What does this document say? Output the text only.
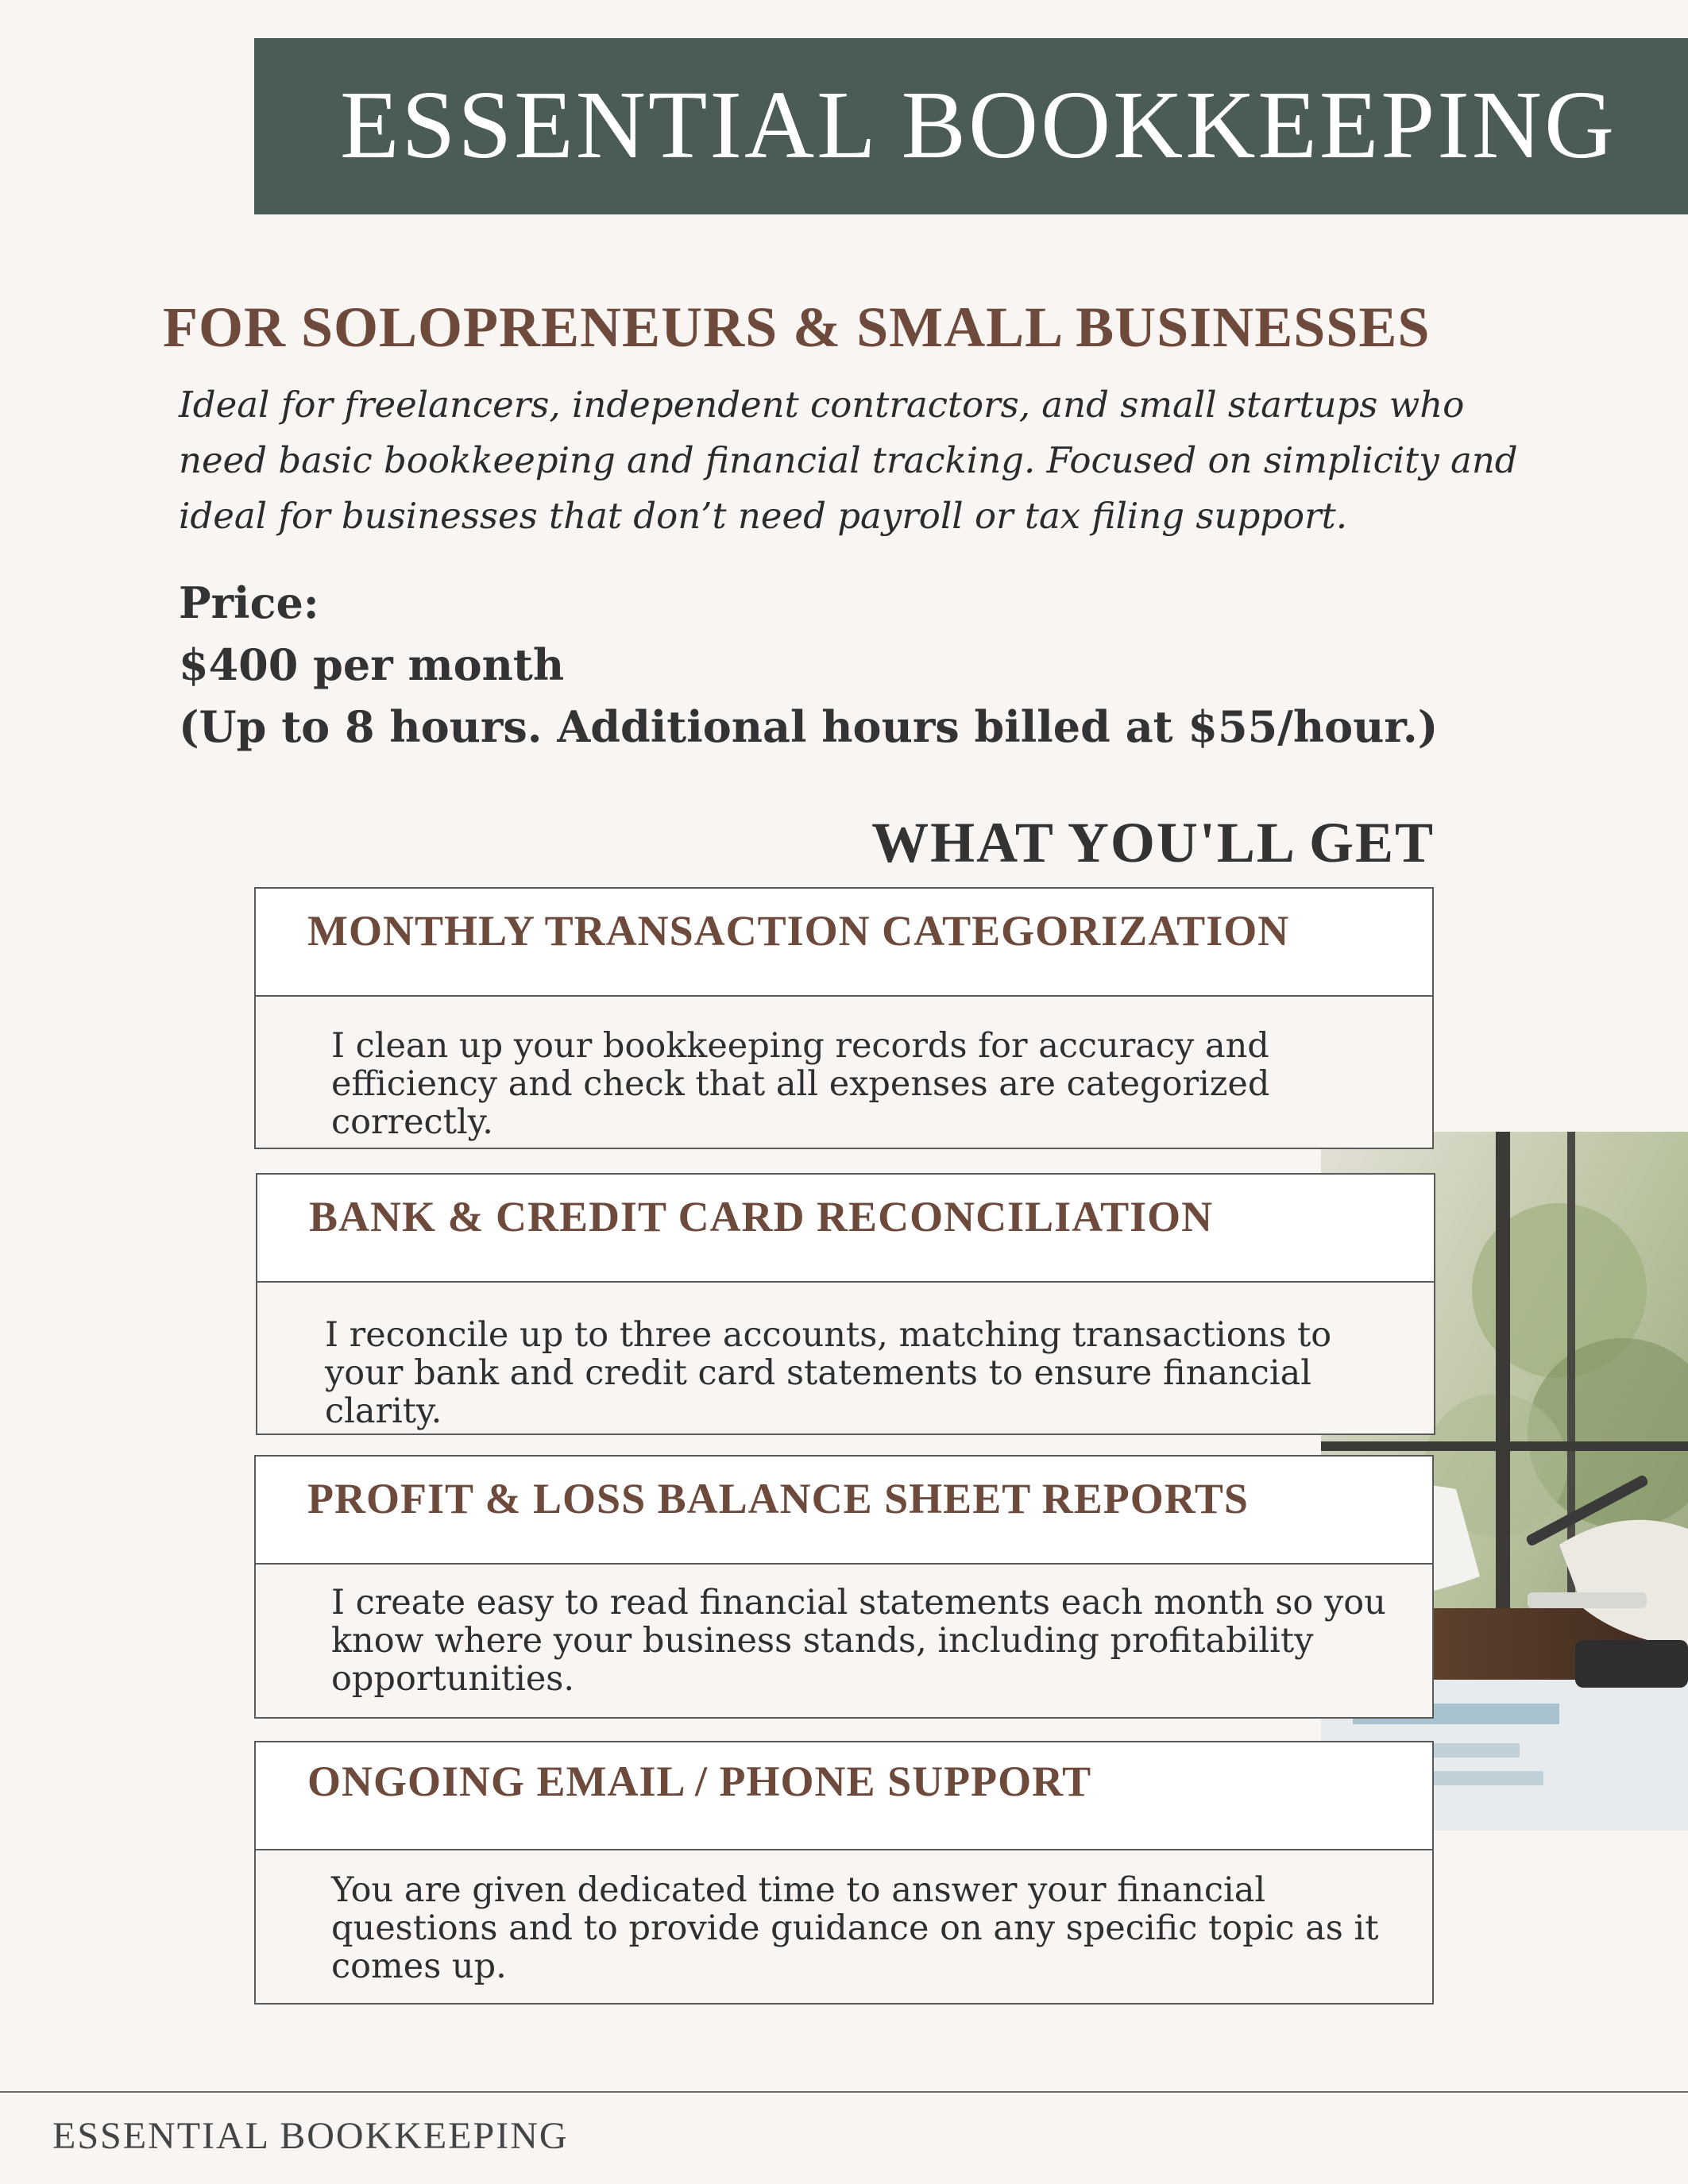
ESSENTIAL BOOKKEEPING
FOR SOLOPRENEURS & SMALL BUSINESSES

Ideal for freelancers, independent contractors, and small startups who need basic bookkeeping and financial tracking. Focused on simplicity and ideal for businesses that don’t need payroll or tax filing support.

Price:
$400 per month
(Up to 8 hours. Additional hours billed at $55/hour.)
WHAT YOU'LL GET
MONTHLY TRANSACTION CATEGORIZATION

I clean up your bookkeeping records for accuracy and efficiency and check that all expenses are categorized correctly.

BANK & CREDIT CARD RECONCILIATION

I reconcile up to three accounts, matching transactions to your bank and credit card statements to ensure financial clarity.

PROFIT & LOSS BALANCE SHEET REPORTS

I create easy to read financial statements each month so you know where your business stands, including profitability opportunities.

ONGOING EMAIL / PHONE SUPPORT

You are given dedicated time to answer your financial questions and to provide guidance on any specific topic as it comes up.

ESSENTIAL BOOKKEEPING
